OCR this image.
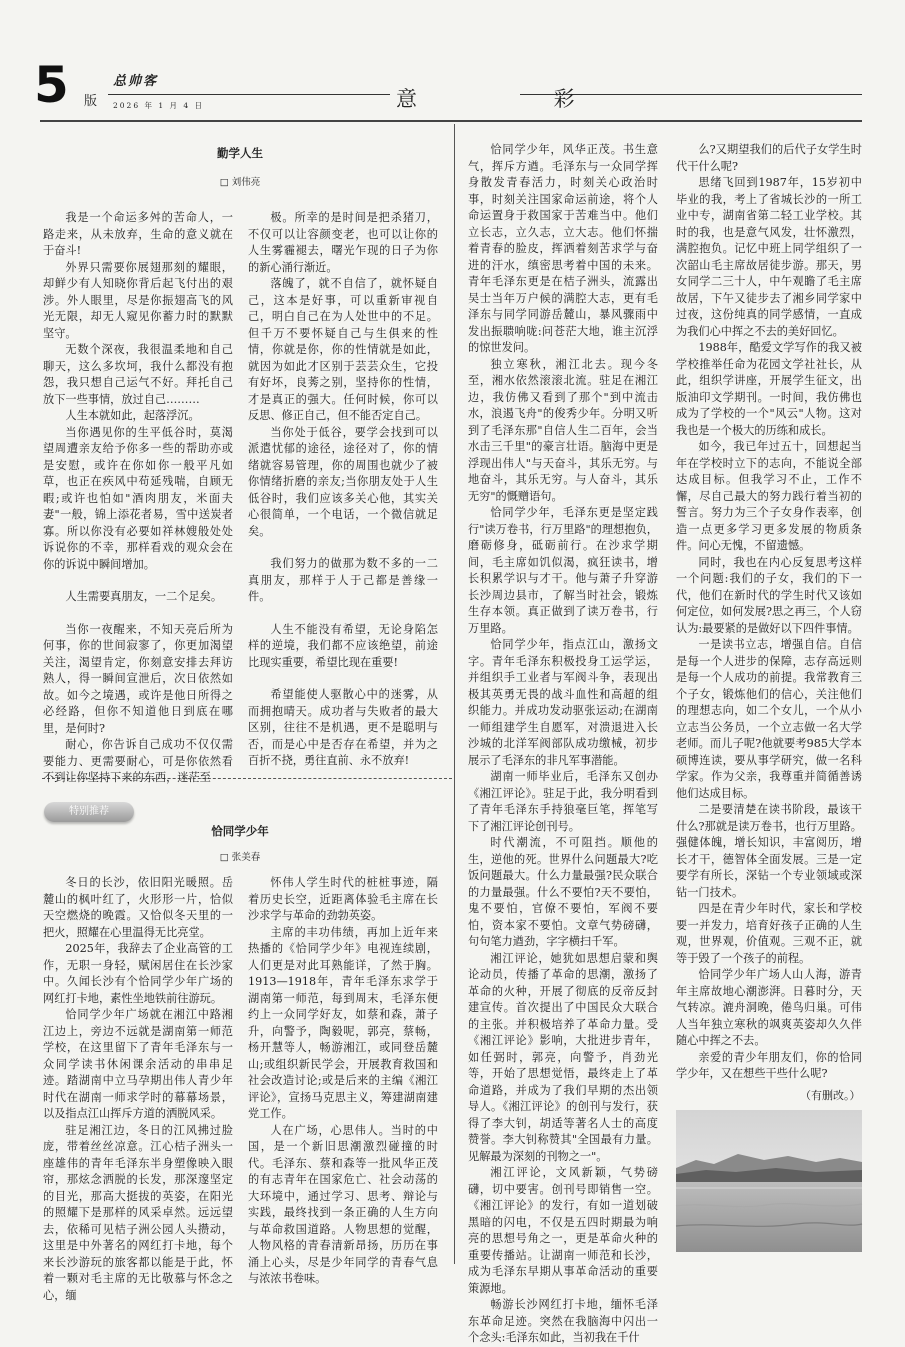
5 版
总帅客
2026 年 1 月 4 日	意 彩
勤学人生
□ 刘伟亮

我是一个命运多舛的苦命人，一路走来，从未放弃，生命的意义就在于奋斗!

外界只需要你展翅那刻的耀眼，却鲜少有人知晓你背后起飞付出的艰涉。外人眼里，尽是你振翅高飞的风光无限，却无人窥见你蓄力时的默默坚守。

无数个深夜，我很温柔地和自己聊天，这么多坎坷，我什么都没有抱怨，我只想自己运气不好。拜托自己放下一些事情，放过自己………

人生本就如此，起落浮沉。

当你遇见你的生平低谷时，莫渴望周遭亲友给予你多一些的帮助亦或是安慰，或许在你如你一般平凡如草，也正在疾风中苟延残喘，自顾无暇;或许也怕如"酒肉朋友，米面夫妻"一般，锦上添花者易，雪中送炭者寡。所以你没有必要如祥林嫂般处处诉说你的不幸，那样看戏的观众会在你的诉说中瞬间增加。

人生需要真朋友，一二个足矣。

当你一夜醒来，不知天亮后所为何事，你的世间寂寥了，你更加渴望关注，渴望肯定，你刻意安排去拜访熟人，得一瞬间宣泄后，次日依然如故。如今之境遇，或许是他日所得之必经路，但你不知道他日到底在哪里，是何时?

耐心，你告诉自己成功不仅仅需要能力、更需要耐心，可是你依然看不到让你坚持下来的东西，迷茫至

极。所幸的是时间是把杀猪刀，不仅可以让容颜变老，也可以让你的人生雾霾褪去，曙光乍现的日子为你的新心涌行渐近。

落魄了，就不自信了，就怀疑自己，这本是好事，可以重新审视自己，明白自己在为人处世中的不足。但千万不要怀疑自己与生俱来的性情，你就是你，你的性情就是如此，就因为如此才区别于芸芸众生，它投有好坏，良莠之别，坚持你的性情，才是真正的强大。任何时候，你可以反思、修正自己，但不能否定自己。

当你处于低谷，要学会找到可以派遣忧郁的途径，途径对了，你的情绪就容易管理，你的周围也就少了被你情绪折磨的亲友;当你朋友处于人生低谷时，我们应该多关心他，其实关心很简单，一个电话，一个微信就足矣。

我们努力的做那为数不多的一二真朋友，那样于人于己都是善缘一件。

人生不能没有希望，无论身陷怎样的逆境，我们都不应该绝望，前途比现实重要，希望比现在重要!

希望能使人驱散心中的迷雾，从而拥抱晴天。成功者与失败者的最大区别，往往不是机遇，更不是聪明与否，而是心中是否存在希望，并为之百折不挠，勇往直前、永不放弃!

特别推荐
恰同学少年
□ 张美春

冬日的长沙，依旧阳光暖照。岳麓山的枫叶红了，火形形一片，恰似天空燃烧的晚霞。又恰似冬天里的一把火，照耀在心里温得无比亮堂。

2025年，我辞去了企业高管的工作，无职一身轻，赋闲居住在长沙家中。久闻长沙有个恰同学少年广场的网红打卡地，素性坐地铁前往游玩。

恰同学少年广场就在湘江中路湘江边上，旁边不远就是湖南第一师范学校，在这里留下了青年毛泽东与一众同学读书休闲课余活动的串串足迹。踏湖南中立马孕期出伟人青少年时代在湖南一师求学时的幕幕场景，以及指点江山挥斥方道的洒脱风采。

驻足湘江边，冬日的江风拂过脸庞，带着丝丝凉意。江心桔子洲头一座雄伟的青年毛泽东半身塑像映入眼帘，那炫念洒脱的长发，那深邃坚定的目光，那高大挺拔的英姿，在阳光的照耀下是那样的风采卓然。远远望去，依稀可见桔子洲公园人头攒动，这里是中外著名的网红打卡地，每个来长沙游玩的旅客都以能是于此，怀着一颗对毛主席的无比敬慕与怀念之心，缅

怀伟人学生时代的桩桩事迹，隔着历史长空，近距离体验毛主席在长沙求学与革命的劲勃英姿。

主席的丰功伟绩，再加上近年来热播的《恰同学少年》电视连续剧，人们更是对此耳熟能详，了然于胸。1913—1918年，青年毛泽东求学于湖南第一师范，每到周末，毛泽东便约上一众同学好友，如蔡和森，萧子升，向警予，陶毅呢，郭亮，蔡畅，杨开慧等人，畅游湘江，或同登岳麓山;或组织新民学会，开展教育救国和社会改造讨论;或是后来的主编《湘江评论》，宣扬马克思主义，筹建湖南建党工作。

人在广场，心思伟人。当时的中国，是一个新旧思潮激烈碰撞的时代。毛泽东、蔡和森等一批风华正茂的有志青年在国家危亡、社会动荡的大环境中，通过学习、思考、辩论与实践，最终找到一条正确的人生方向与革命救国道路。人物思想的觉醒，人物风格的青春清新昂扬，历历在事涌上心头，尽是少年同学的青春气息与浓浓书卷味。

恰同学少年，风华正茂。书生意气，挥斥方遒。毛泽东与一众同学挥身散发青春活力，时刻关心政治时事，时刻关注国家命运前途，将个人命运置身于救国家于苦难当中。他们立长志，立久志，立大志。他们怀揣着青春的脸皮，挥洒着刻苦求学与奋进的汗水，缜密思考着中国的未来。青年毛泽东更是在桔子洲头，流露出吴士当年万户候的满腔大志，更有毛泽东与同学同游岳麓山，暴风骤雨中发出振聩响咙:问苍茫大地，谁主沉浮的惊世发问。

独立寒秋，湘江北去。现今冬至，湘水依然滚滚北流。驻足在湘江边，我仿佛又看到了那个"到中流击水，浪遏飞舟"的俊秀少年。分明又听到了毛泽东那"自信人生二百年，会当水击三千里"的豪言壮语。脑海中更是浮现出伟人"与天奋斗，其乐无穷。与地奋斗，其乐无穷。与人奋斗，其乐无穷"的慨赠语句。

恰同学少年，毛泽东更是坚定践行"读万卷书，行万里路"的理想抱负，磨砺修身，砥砺前行。在沙求学期间，毛主席如饥似渴，疯狂读书，增长积累学识与才干。他与萧子升穿游长沙周边县市，了解当时社会，锻炼生存本领。真正做到了读万卷书，行万里路。

恰同学少年，指点江山，激扬文字。青年毛泽东积极投身工运学运，并组织手工业者与军阀斗争，表现出极其英勇无畏的战斗血性和高超的组织能力。并成功发动驱张运动;在湖南一师组建学生自愿军，对溃退进入长沙城的北洋军阀部队成功缴械，初步展示了毛泽东的非凡军事潜能。

湖南一师毕业后，毛泽东又创办《湘江评论》。驻足于此，我分明看到了青年毛泽东手持狼毫巨笔，挥笔写下了湘江评论创刊号。

时代潮流，不可阻挡。顺他的生，逆他的死。世界什么问题最大?吃饭问题最大。什么力量最强?民众联合的力量最强。什么不要怕?天不要怕，鬼不要怕，官僚不要怕，军阀不要怕，资本家不要怕。文章气势磅礴，句句笔力遒劲，字字横扫千军。

湘江评论，她犹如思想启蒙和舆论动员，传播了革命的思潮，激扬了革命的火种，开展了彻底的反帝反封建宣传。首次提出了中国民众大联合的主张。并积极培养了革命力量。受《湘江评论》影响，大批进步青年，如任弼时，郭亮，向警予，肖劲光等，开始了思想觉悟，最终走上了革命道路，并成为了我们早期的杰出领导人。《湘江评论》的创刊与发行，获得了李大钊，胡适等著名人士的高度赞誉。李大钊称赞其"全国最有力量。见解最为深刻的刊物之一"。

湘江评论，文风新颖，气势磅礴，切中要害。创刊号即销售一空。《湘江评论》的发行，有如一道划破黑暗的闪电，不仅是五四时期最为响亮的思想号角之一，更是革命火种的重要传播站。让湖南一师范和长沙，成为毛泽东早期从事革命活动的重要策源地。

畅游长沙网红打卡地，缅怀毛泽东革命足迹。突然在我脑海中闪出一个念头:毛泽东如此，当初我在千什

么?又期望我们的后代子女学生时代干什么呢?

思绪飞回到1987年，15岁初中毕业的我，考上了省城长沙的一所工业中专，湖南省第二轻工业学校。其时的我，也是意气风发，壮怀激烈，满腔抱负。记忆中班上同学组织了一次韶山毛主席故居徒步游。那天，男女同学二三十人，中午观瞻了毛主席故居，下午又徒步去了湘乡同学家中过夜，这份纯真的同学感情，一直成为我们心中挥之不去的美好回忆。

1988年，酷爱文学写作的我又被学校推举任命为花园文学社社长，从此，组织学讲座，开展学生征文，出版油印文学期刊。一时间，我仿佛也成为了学校的一个"风云"人物。这对我也是一个极大的历练和成长。

如今，我已年过五十，回想起当年在学校时立下的志向，不能说全部达成目标。但我学习不止，工作不懈，尽自己最大的努力践行着当初的誓言。努力为三个子女身作表率，创造一点更多学习更多发展的物质条件。问心无愧，不留遗憾。

同时，我也在内心反复思考这样一个问题:我们的子女，我们的下一代，他们在新时代的学生时代又该如何定位，如何发展?思之再三，个人窃认为:最要紧的是做好以下四件事情。

一是读书立志，增强自信。自信是每一个人进步的保障，志存高远则是每一个人成功的前提。我常教育三个子女，锻炼他们的信心，关注他们的理想志向，如二个女儿，一个从小立志当公务员，一个立志做一名大学老师。而儿子呢?他就要考985大学本硕博连读，要从事学研究，做一名科学家。作为父亲，我尊重并简循善诱他们达成目标。

二是要清楚在读书阶段，最该干什么?那就是读万卷书，也行万里路。强健体魄，增长知识，丰富阅历，增长才干，德智体全面发展。三是一定要学有所长，深钻一个专业领域或深钻一门技术。

四是在青少年时代，家长和学校要一并发力，培育好孩子正确的人生观，世界观，价值观。三观不正，就等于毁了一个孩子的前程。

恰同学少年广场人山人海，游青年主席故地心潮澎湃。日暮时分，天气转凉。漉舟洞晚，倦鸟归巢。可伟人当年独立寒秋的飒爽英姿却久久伴随心中挥之不去。

亲爱的青少年朋友们，你的恰同学少年，又在想些干些什么呢?

（有删改。）
